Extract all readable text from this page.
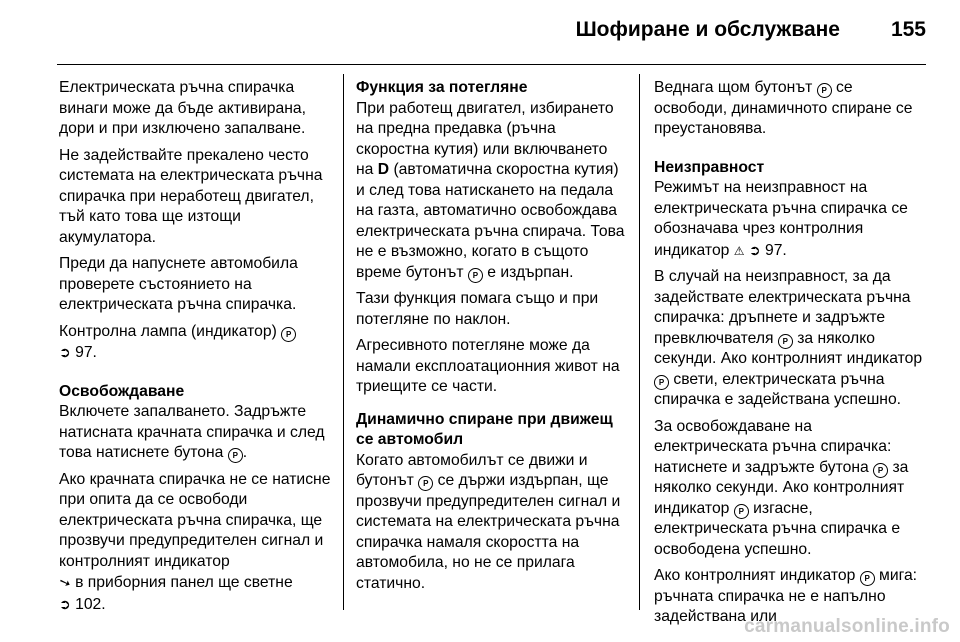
Шофиране и обслужване	155

Електрическата ръчна спирачка винаги може да бъде активирана, дори и при изключено запалване.

Не задействайте прекалено често системата на електрическата ръчна спирачка при неработещ двигател, тъй като това ще изтощи акумулатора.

Преди да напуснете автомобила проверете състоянието на електрическата ръчна спирачка.

Контролна лампа (индикатор) P
➲ 97.

Освобождаване

Включете запалването. Задръжте натисната крачната спирачка и след това натиснете бутона P .

Ако крачната спирачка не се натисне при опита да се освободи електрическата ръчна спирачка, ще прозвучи предупредителен сигнал и контролният индикатор
➘ в приборния панел ще светне
➲ 102.

Функция за потегляне

При работещ двигател, избирането на предна предавка (ръчна скоростна кутия) или включването на D (автоматична скоростна кутия) и след това натискането на педала на газта, автоматично освобождава електрическата ръчна спирача. Това не е възможно, когато в същото време бутонът P е издърпан.

Тази функция помага също и при потегляне по наклон.

Агресивното потегляне може да намали експлоатационния живот на триещите се части.

Динамично спиране при движещ се автомобил

Когато автомобилът се движи и бутонът P се държи издърпан, ще прозвучи предупредителен сигнал и системата на електрическата ръчна спирачка намаля скоростта на автомобила, но не се прилага статично.

Веднага щом бутонът P се освободи, динамичното спиране се преустановява.

Неизправност

Режимът на неизправност на електрическата ръчна спирачка се обозначава чрез контролния индикатор ⚠ ➲ 97.

В случай на неизправност, за да задействате електрическата ръчна спирачка: дръпнете и задръжте превключвателя P за няколко секунди. Ако контролният индикатор P свети, електрическата ръчна спирачка е задействана успешно.

За освобождаване на електрическата ръчна спирачка: натиснете и задръжте бутона P за няколко секунди. Ако контролният индикатор P изгасне, електрическата ръчна спирачка е освободена успешно.

Ако контролният индикатор P мига: ръчната спирачка не е напълно задействана или

carmanualsonline.info
